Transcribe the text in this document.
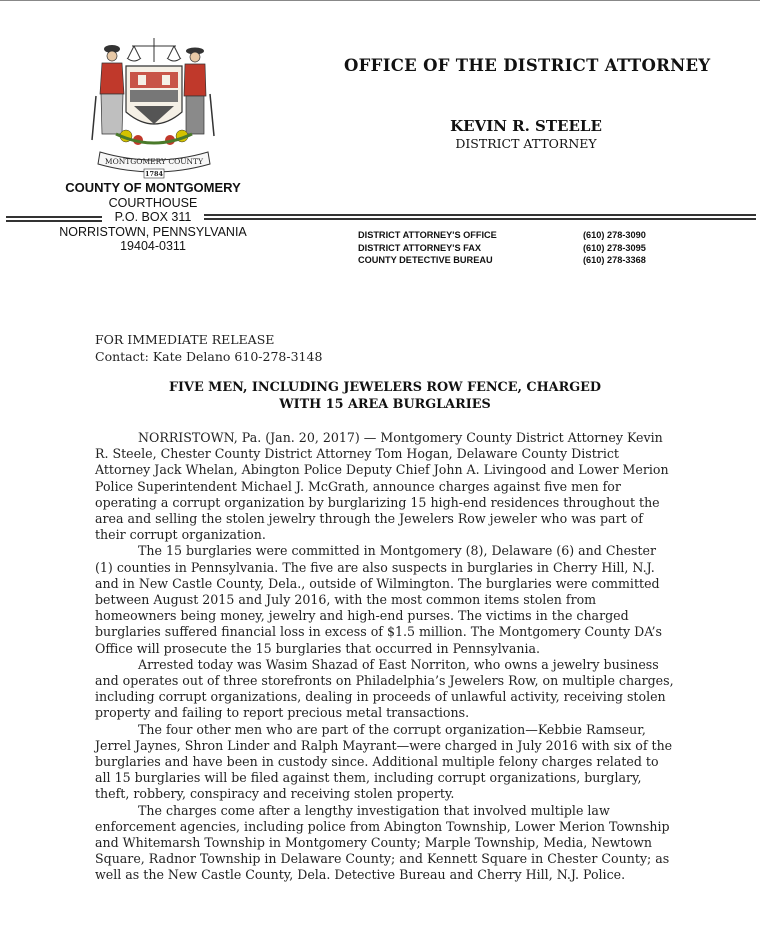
MONTGOMERY COUNTY
1784
OFFICE OF THE DISTRICT ATTORNEY
KEVIN R. STEELE
DISTRICT ATTORNEY
COUNTY OF MONTGOMERY
COURTHOUSE
P.O. BOX 311
NORRISTOWN, PENNSYLVANIA
19404-0311
DISTRICT ATTORNEY'S OFFICE
DISTRICT ATTORNEY'S FAX
COUNTY DETECTIVE BUREAU
(610) 278-3090
(610) 278-3095
(610) 278-3368
FOR IMMEDIATE RELEASE
Contact: Kate Delano 610-278-3148
FIVE MEN, INCLUDING JEWELERS ROW FENCE, CHARGED
WITH 15 AREA BURGLARIES

NORRISTOWN, Pa. (Jan. 20, 2017) — Montgomery County District Attorney Kevin R. Steele, Chester County District Attorney Tom Hogan, Delaware County District Attorney Jack Whelan, Abington Police Deputy Chief John A. Livingood and Lower Merion Police Superintendent Michael J. McGrath, announce charges against five men for operating a corrupt organization by burglarizing 15 high-end residences throughout the area and selling the stolen jewelry through the Jewelers Row jeweler who was part of their corrupt organization.

The 15 burglaries were committed in Montgomery (8), Delaware (6) and Chester (1) counties in Pennsylvania. The five are also suspects in burglaries in Cherry Hill, N.J. and in New Castle County, Dela., outside of Wilmington. The burglaries were committed between August 2015 and July 2016, with the most common items stolen from homeowners being money, jewelry and high-end purses. The victims in the charged burglaries suffered financial loss in excess of $1.5 million. The Montgomery County DA’s Office will prosecute the 15 burglaries that occurred in Pennsylvania.

Arrested today was Wasim Shazad of East Norriton, who owns a jewelry business and operates out of three storefronts on Philadelphia’s Jewelers Row, on multiple charges, including corrupt organizations, dealing in proceeds of unlawful activity, receiving stolen property and failing to report precious metal transactions.

The four other men who are part of the corrupt organization—Kebbie Ramseur, Jerrel Jaynes, Shron Linder and Ralph Mayrant—were charged in July 2016 with six of the burglaries and have been in custody since. Additional multiple felony charges related to all 15 burglaries will be filed against them, including corrupt organizations, burglary, theft, robbery, conspiracy and receiving stolen property.

The charges come after a lengthy investigation that involved multiple law enforcement agencies, including police from Abington Township, Lower Merion Township and Whitemarsh Township in Montgomery County; Marple Township, Media, Newtown Square, Radnor Township in Delaware County; and Kennett Square in Chester County; as well as the New Castle County, Dela. Detective Bureau and Cherry Hill, N.J. Police.
